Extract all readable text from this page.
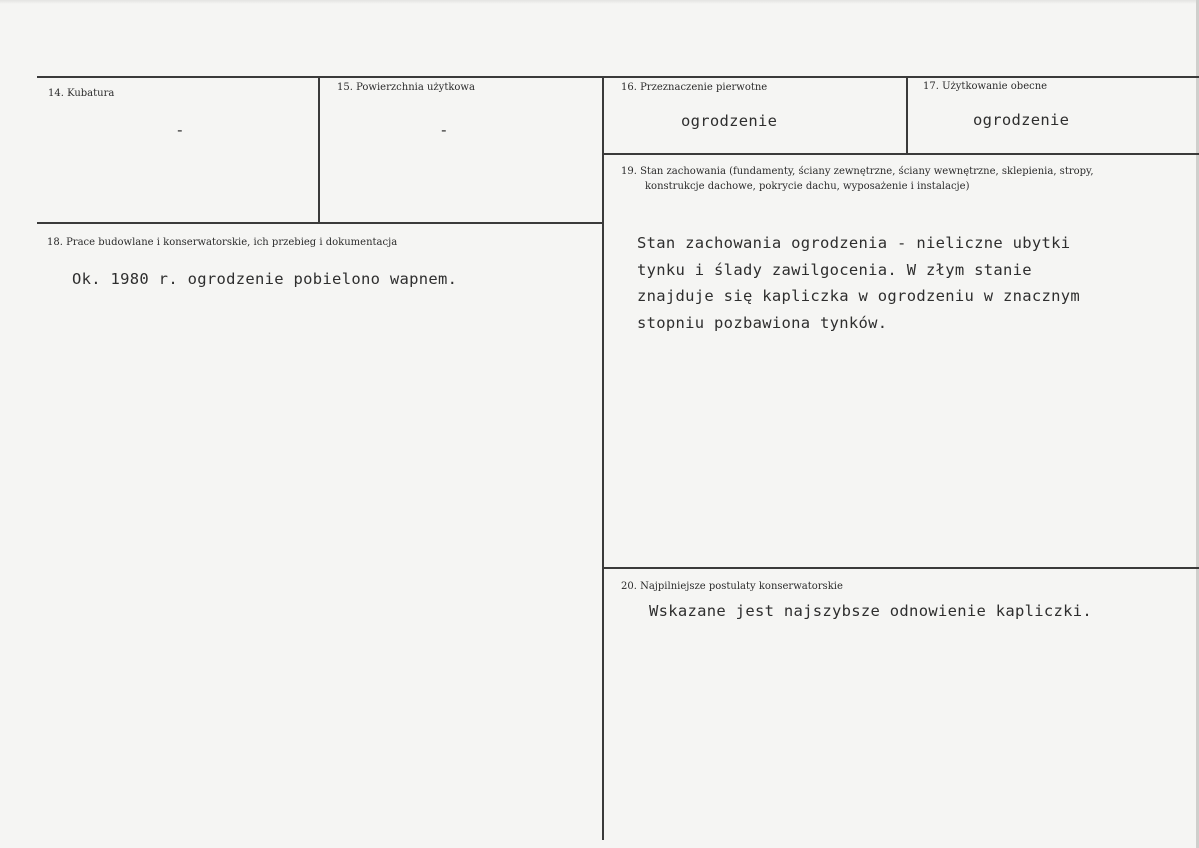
14. Kubatura
-
15. Powierzchnia użytkowa
-
16. Przeznaczenie pierwotne
ogrodzenie
17. Użytkowanie obecne
ogrodzenie
18. Prace budowlane i konserwatorskie, ich przebieg i dokumentacja
Ok. 1980 r. ogrodzenie pobielono wapnem.
19. Stan zachowania (fundamenty, ściany zewnętrzne, ściany wewnętrzne, sklepienia, stropy,
konstrukcje dachowe, pokrycie dachu, wyposażenie i instalacje)
Stan zachowania ogrodzenia - nieliczne ubytki
tynku i ślady zawilgocenia. W złym stanie
znajduje się kapliczka w ogrodzeniu w znacznym
stopniu pozbawiona tynków.
20. Najpilniejsze postulaty konserwatorskie
Wskazane jest najszybsze odnowienie kapliczki.
